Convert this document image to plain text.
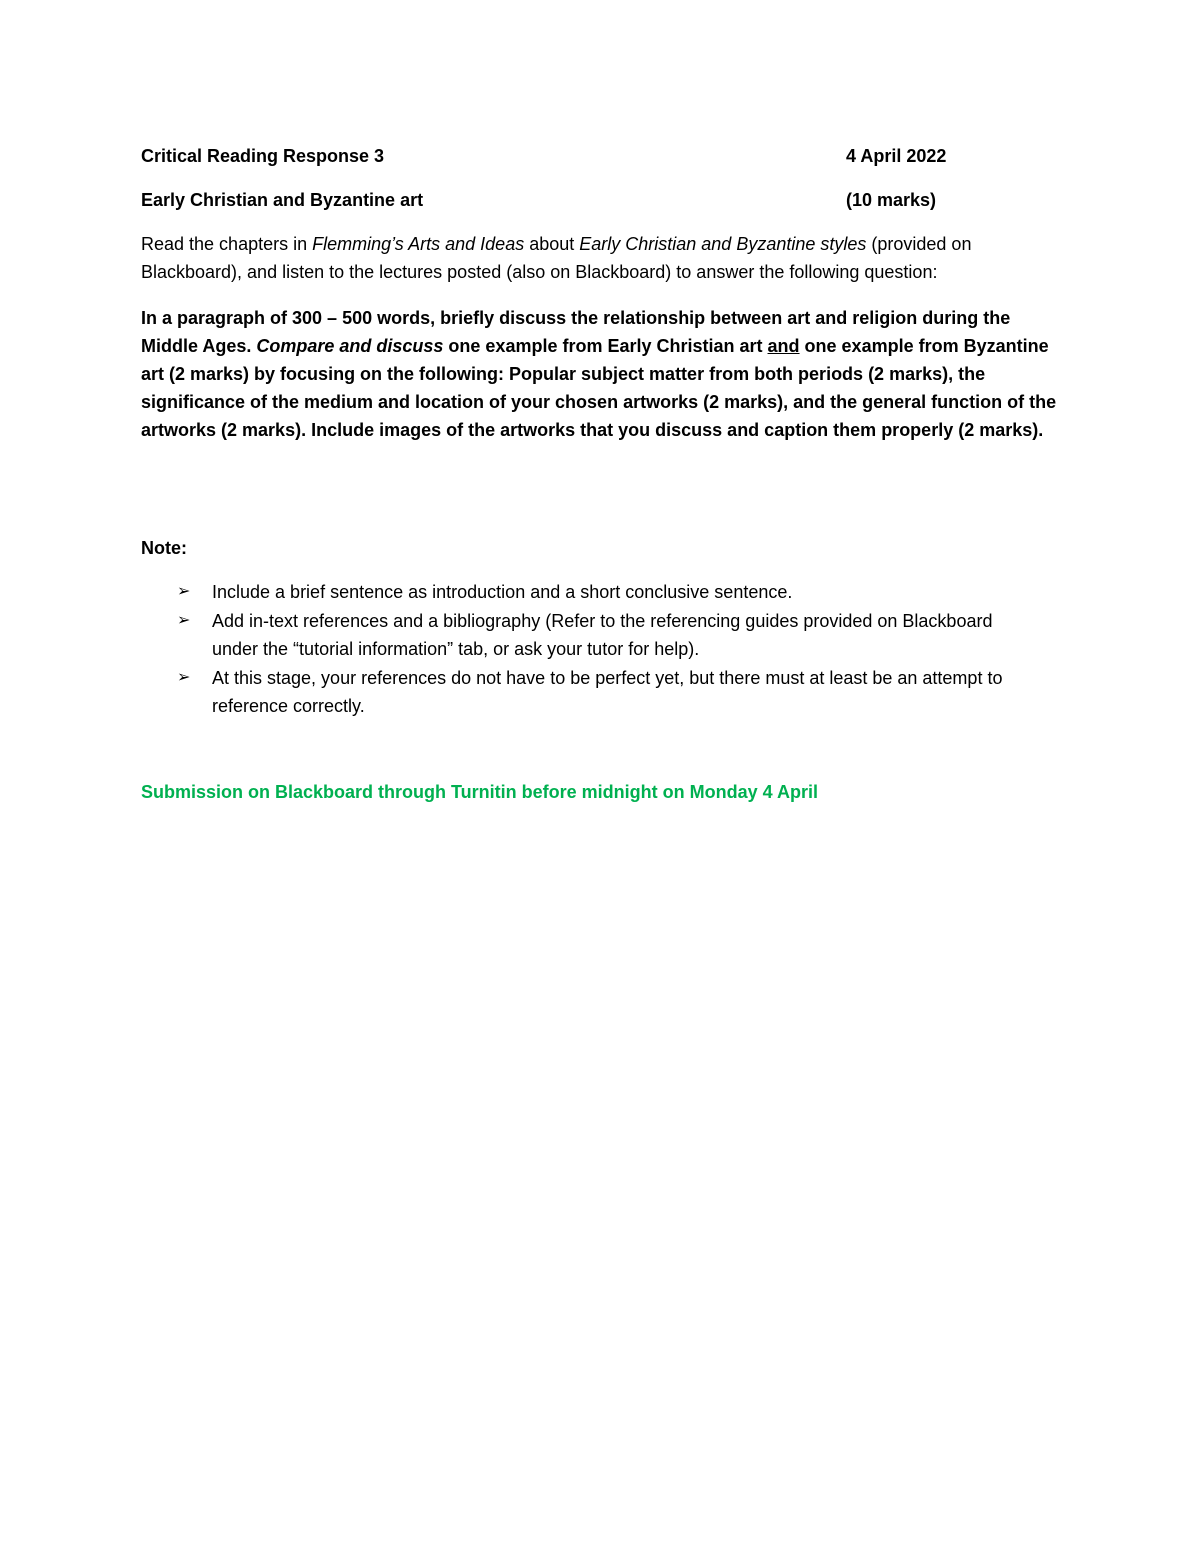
Critical Reading Response 3	4 April 2022
Early Christian and Byzantine art	(10 marks)

Read the chapters in Flemming’s Arts and Ideas about Early Christian and Byzantine styles (provided on Blackboard), and listen to the lectures posted (also on Blackboard) to answer the following question:

In a paragraph of 300 – 500 words, briefly discuss the relationship between art and religion during the Middle Ages. Compare and discuss one example from Early Christian art and one example from Byzantine art (2 marks) by focusing on the following: Popular subject matter from both periods (2 marks), the significance of the medium and location of your chosen artworks (2 marks), and the general function of the artworks (2 marks). Include images of the artworks that you discuss and caption them properly (2 marks).

Note:
➢ Include a brief sentence as introduction and a short conclusive sentence.
➢ Add in-text references and a bibliography (Refer to the referencing guides provided on Blackboard under the “tutorial information” tab, or ask your tutor for help).
➢ At this stage, your references do not have to be perfect yet, but there must at least be an attempt to reference correctly.
Submission on Blackboard through Turnitin before midnight on Monday 4 April
